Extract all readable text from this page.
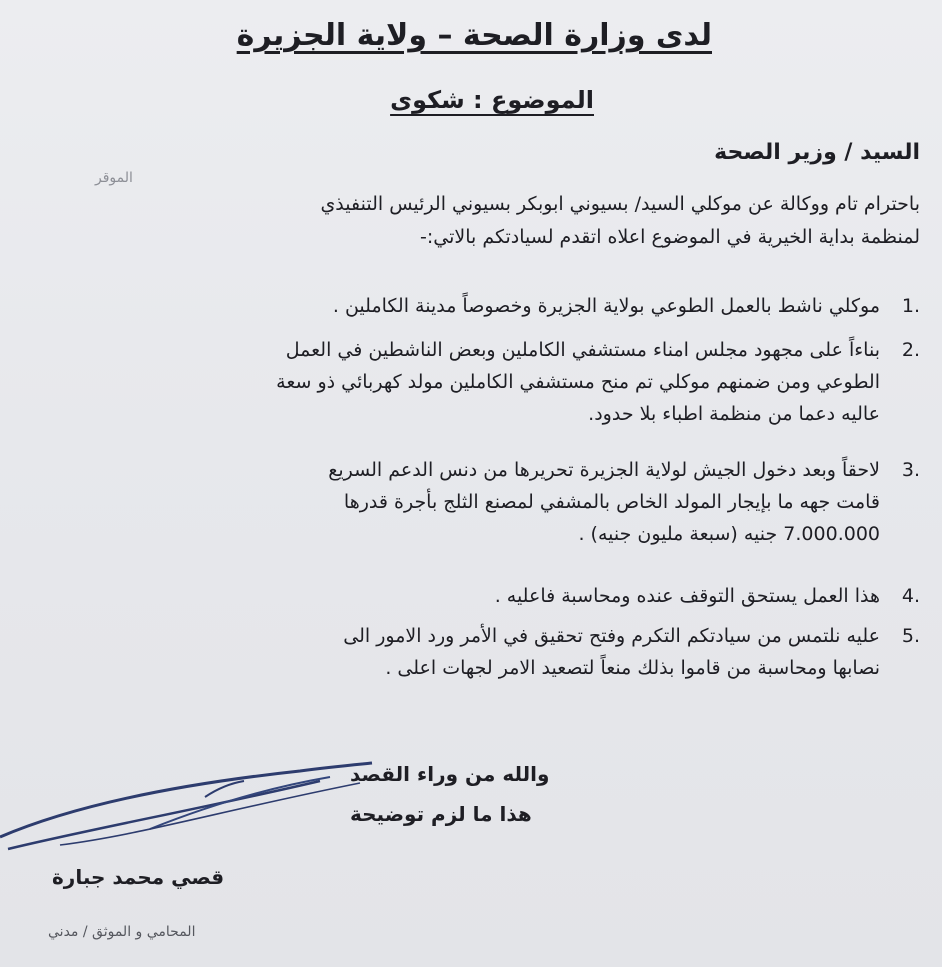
لدى وزارة الصحة – ولاية الجزيرة
الموضوع : شكوى
السيد / وزير الصحة
الموقر
باحترام تام ووكالة عن موكلي السيد/ بسيوني ابوبكر بسيوني الرئيس التنفيذي
لمنظمة بداية الخيرية في الموضوع اعلاه اتقدم لسيادتكم بالاتي:-
1.
موكلي ناشط بالعمل الطوعي بولاية الجزيرة وخصوصاً مدينة الكاملين .
2.
بناءاً على مجهود مجلس امناء مستشفي الكاملين وبعض الناشطين في العمل
الطوعي ومن ضمنهم موكلي تم منح مستشفي الكاملين مولد كهربائي ذو سعة
عاليه دعما من منظمة اطباء بلا حدود.
3.
لاحقاً وبعد دخول الجيش لولاية الجزيرة تحريرها من دنس الدعم السريع
قامت جهه ما بإيجار المولد الخاص بالمشفي لمصنع الثلج بأجرة قدرها
7.000.000 جنيه (سبعة مليون جنيه) .
4.
هذا العمل يستحق التوقف عنده ومحاسبة فاعليه .
5.
عليه نلتمس من سيادتكم التكرم وفتح تحقيق في الأمر ورد الامور الى
نصابها ومحاسبة من قاموا بذلك منعاً لتصعيد الامر لجهات اعلى .
والله من وراء القصد
هذا ما لزم توضيحة
قصي محمد جبارة
المحامي و الموثق / مدني
